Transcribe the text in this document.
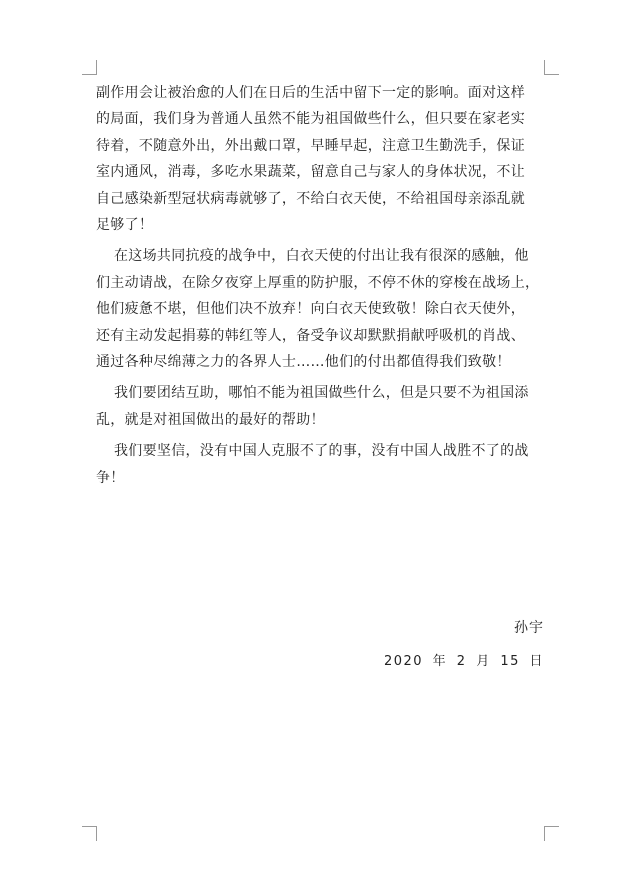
副作用会让被治愈的人们在日后的生活中留下一定的影响。面对这样
的局面，我们身为普通人虽然不能为祖国做些什么，但只要在家老实
待着，不随意外出，外出戴口罩，早睡早起，注意卫生勤洗手，保证
室内通风，消毒，多吃水果蔬菜，留意自己与家人的身体状况，不让
自己感染新型冠状病毒就够了，不给白衣天使，不给祖国母亲添乱就
足够了！

在这场共同抗疫的战争中，白衣天使的付出让我有很深的感触，他
们主动请战，在除夕夜穿上厚重的防护服，不停不休的穿梭在战场上，
他们疲惫不堪，但他们决不放弃！向白衣天使致敬！除白衣天使外，
还有主动发起捐募的韩红等人，备受争议却默默捐献呼吸机的肖战、
通过各种尽绵薄之力的各界人士……他们的付出都值得我们致敬！

我们要团结互助，哪怕不能为祖国做些什么，但是只要不为祖国添
乱，就是对祖国做出的最好的帮助！

我们要坚信，没有中国人克服不了的事，没有中国人战胜不了的战
争！

孙宇
2020 年 2 月 15 日
